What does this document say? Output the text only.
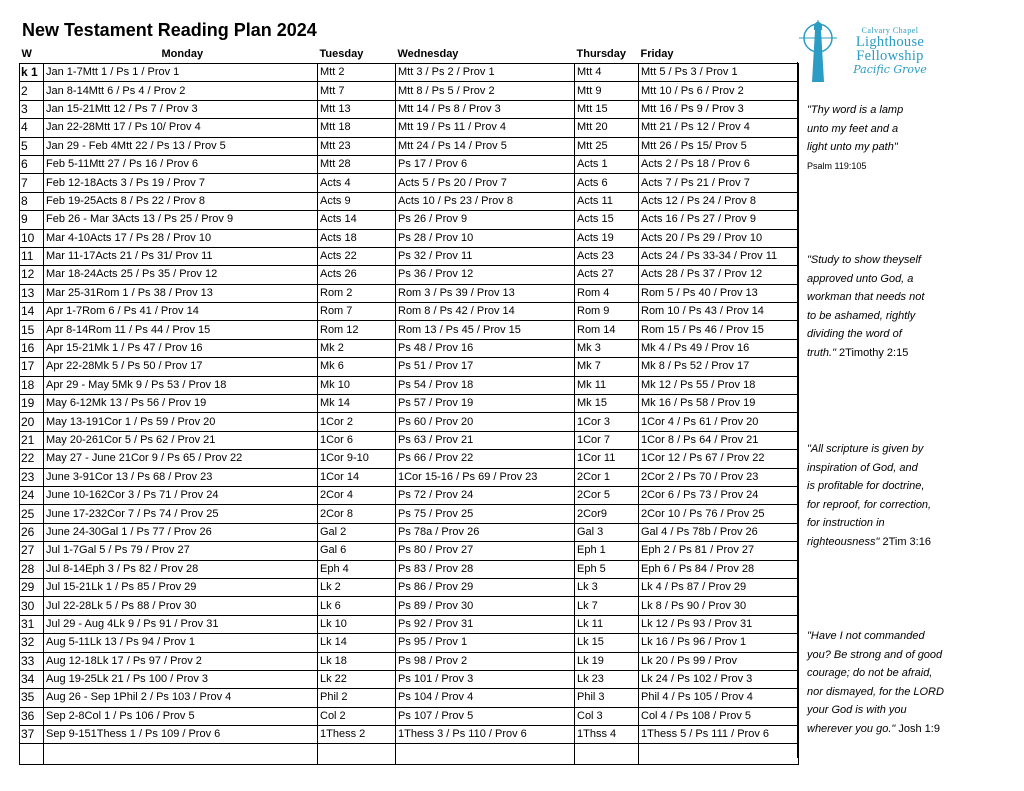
New Testament Reading Plan 2024	Calvary Chapel
Lighthouse
Fellowship
Pacific Grove
W	Monday	Tuesday	Wednesday	Thursday	Friday
k 1	Jan 1-7Mtt 1 / Ps 1 / Prov 1	Mtt 2	Mtt 3 / Ps 2 / Prov 1	Mtt 4	Mtt 5 / Ps 3 / Prov 1
2	Jan 8-14Mtt 6 / Ps 4 / Prov 2	Mtt 7	Mtt 8 / Ps 5 / Prov 2	Mtt 9	Mtt 10 / Ps 6 / Prov 2
3	Jan 15-21Mtt 12 / Ps 7 / Prov 3	Mtt 13	Mtt 14 / Ps 8 / Prov 3	Mtt 15	Mtt 16 / Ps 9 / Prov 3
4	Jan 22-28Mtt 17 / Ps 10/ Prov 4	Mtt 18	Mtt 19 / Ps 11 / Prov 4	Mtt 20	Mtt 21 / Ps 12 / Prov 4
5	Jan 29 - Feb 4Mtt 22 / Ps 13 / Prov 5	Mtt 23	Mtt 24 / Ps 14 / Prov 5	Mtt 25	Mtt 26 / Ps 15/ Prov 5
6	Feb 5-11Mtt 27 / Ps 16 / Prov 6	Mtt 28	Ps 17 / Prov 6	Acts 1	Acts 2 / Ps 18 / Prov 6
7	Feb 12-18Acts 3 / Ps 19 / Prov 7	Acts 4	Acts 5 / Ps 20 / Prov 7	Acts 6	Acts 7 / Ps 21 / Prov 7
8	Feb 19-25Acts 8 / Ps 22 / Prov 8	Acts 9	Acts 10 / Ps 23 / Prov 8	Acts 11	Acts 12 / Ps 24 / Prov 8
9	Feb 26 - Mar 3Acts 13 / Ps 25 / Prov 9	Acts 14	Ps 26 / Prov 9	Acts 15	Acts 16 / Ps 27 / Prov 9
10	Mar 4-10Acts 17 / Ps 28 / Prov 10	Acts 18	Ps 28 / Prov 10	Acts 19	Acts 20 / Ps 29 / Prov 10
11	Mar 11-17Acts 21 / Ps 31/ Prov 11	Acts 22	Ps 32 / Prov 11	Acts 23	Acts 24 / Ps 33-34 / Prov 11
12	Mar 18-24Acts 25 / Ps 35 / Prov 12	Acts 26	Ps 36 / Prov 12	Acts 27	Acts 28 / Ps 37 / Prov 12
13	Mar 25-31Rom 1 / Ps 38 / Prov 13	Rom 2	Rom 3 / Ps 39 / Prov 13	Rom 4	Rom 5 / Ps 40 / Prov 13
14	Apr 1-7Rom 6 / Ps 41 / Prov 14	Rom 7	Rom 8 / Ps 42 / Prov 14	Rom 9	Rom 10 / Ps 43 / Prov 14
15	Apr 8-14Rom 11 / Ps 44 / Prov 15	Rom 12	Rom 13 / Ps 45 / Prov 15	Rom 14	Rom 15 / Ps 46 / Prov 15
16	Apr 15-21Mk 1 / Ps 47 / Prov 16	Mk 2	Ps 48 / Prov 16	Mk 3	Mk 4 / Ps 49 / Prov 16
17	Apr 22-28Mk 5 / Ps 50 / Prov 17	Mk 6	Ps 51 / Prov 17	Mk 7	Mk 8 / Ps 52 / Prov 17
18	Apr 29 - May 5Mk 9 / Ps 53 / Prov 18	Mk 10	Ps 54 / Prov 18	Mk 11	Mk 12 / Ps 55 / Prov 18
19	May 6-12Mk 13 / Ps 56 / Prov 19	Mk 14	Ps 57 / Prov 19	Mk 15	Mk 16 / Ps 58 / Prov 19
20	May 13-191Cor 1 / Ps 59 / Prov 20	1Cor 2	Ps 60 / Prov 20	1Cor 3	1Cor 4 / Ps 61 / Prov 20
21	May 20-261Cor 5 / Ps 62 / Prov 21	1Cor 6	Ps 63 / Prov 21	1Cor 7	1Cor 8 / Ps 64 / Prov 21
22	May 27 - June 21Cor 9 / Ps 65 / Prov 22	1Cor 9-10	Ps 66 / Prov 22	1Cor 11	1Cor 12 / Ps 67 / Prov 22
23	June 3-91Cor 13 / Ps 68 / Prov 23	1Cor 14	1Cor 15-16 / Ps 69 / Prov 23	2Cor 1	2Cor 2 / Ps 70 / Prov 23
24	June 10-162Cor 3 / Ps 71 / Prov 24	2Cor 4	Ps 72 / Prov 24	2Cor 5	2Cor 6 / Ps 73 / Prov 24
25	June 17-232Cor 7 / Ps 74 / Prov 25	2Cor 8	Ps 75 / Prov 25	2Cor9	2Cor 10 / Ps 76 / Prov 25
26	June 24-30Gal 1 / Ps 77 / Prov 26	Gal 2	Ps 78a / Prov 26	Gal 3	Gal 4 / Ps 78b / Prov 26
27	Jul 1-7Gal 5 / Ps 79 / Prov 27	Gal 6	Ps 80 / Prov 27	Eph 1	Eph 2 / Ps 81 / Prov 27
28	Jul 8-14Eph 3 / Ps 82 / Prov 28	Eph 4	Ps 83 / Prov 28	Eph 5	Eph 6 / Ps 84 / Prov 28
29	Jul 15-21Lk 1 / Ps 85 / Prov 29	Lk 2	Ps 86 / Prov 29	Lk 3	Lk 4 / Ps 87 / Prov 29
30	Jul 22-28Lk 5 / Ps 88 / Prov 30	Lk 6	Ps 89 / Prov 30	Lk 7	Lk 8 / Ps 90 / Prov 30
31	Jul 29 - Aug 4Lk 9 / Ps 91 / Prov 31	Lk 10	Ps 92 / Prov 31	Lk 11	Lk 12 / Ps 93 / Prov 31
32	Aug 5-11Lk 13 / Ps 94 / Prov 1	Lk 14	Ps 95 / Prov 1	Lk 15	Lk 16 / Ps 96 / Prov 1
33	Aug 12-18Lk 17 / Ps 97 / Prov 2	Lk 18	Ps 98 / Prov 2	Lk 19	Lk 20 / Ps 99 / Prov
34	Aug 19-25Lk 21 / Ps 100 / Prov 3	Lk 22	Ps 101 / Prov 3	Lk 23	Lk 24 / Ps 102 / Prov 3
35	Aug 26 - Sep 1Phil 2 / Ps 103 / Prov 4	Phil 2	Ps 104 / Prov 4	Phil 3	Phil 4 / Ps 105 / Prov 4
36	Sep 2-8Col 1 / Ps 106 / Prov 5	Col 2	Ps 107 / Prov 5	Col 3	Col 4 / Ps 108 / Prov 5
37	Sep 9-151Thess 1 / Ps 109 / Prov 6	1Thess 2	1Thess 3 / Ps 110 / Prov 6	1Thss 4	1Thess 5 / Ps 111 / Prov 6

"Thy word is a lamp
unto my feet and a
light unto my path"
Psalm 119:105
"Study to show theyself
approved unto God, a
workman that needs not
to be ashamed, rightly
dividing the word of
truth." 2Timothy 2:15
"All scripture is given by
inspiration of God, and
is profitable for doctrine,
for reproof, for correction,
for instruction in
righteousness" 2Tim 3:16
"Have I not commanded
you? Be strong and of good
courage; do not be afraid,
nor dismayed, for the LORD
your God is with you
wherever you go." Josh 1:9
